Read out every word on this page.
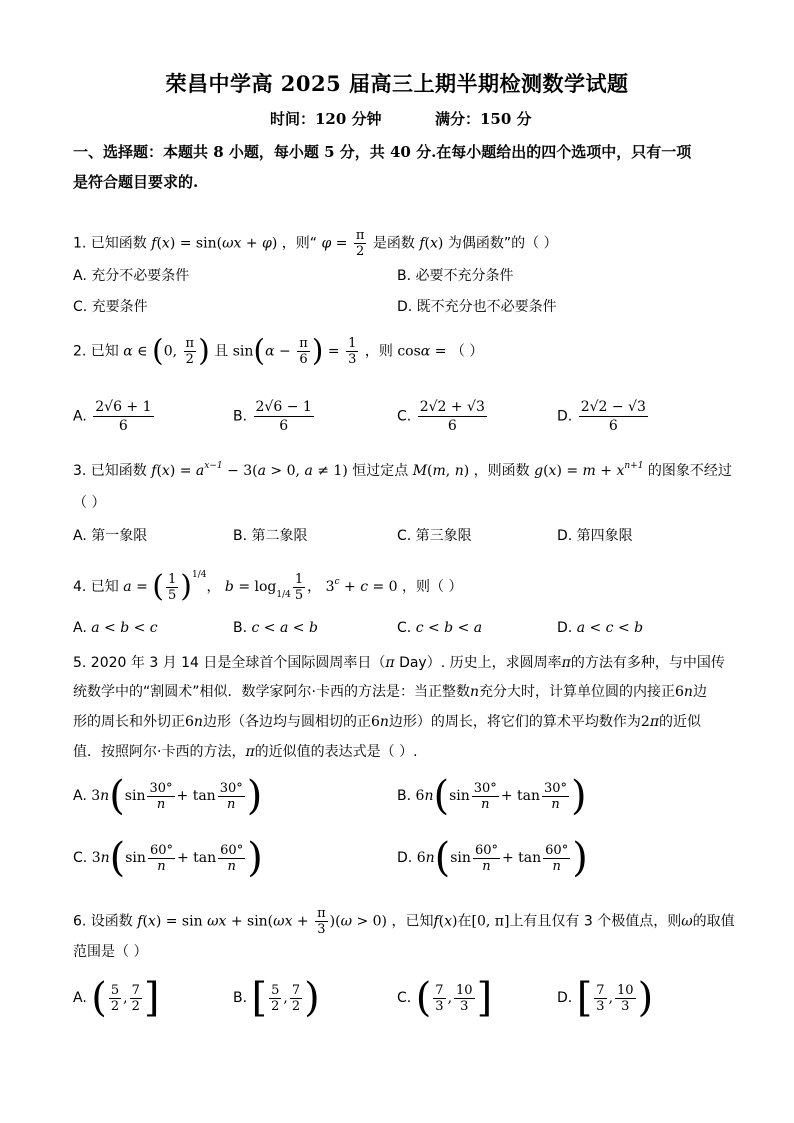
荣昌中学高 2025 届高三上期半期检测数学试题
时间：120 分钟	满分：150 分
一、选择题：本题共 8 小题，每小题 5 分，共 40 分.在每小题给出的四个选项中，只有一项
是符合题目要求的.
1. 已知函数 f(x) = sin(ωx + φ) ，则“ $\varphi = \frac{\pi}{2}$ 是函数 f(x) 为偶函数”的（ ）
A. 充分不必要条件	B. 必要不充分条件
C. 充要条件	D. 既不充分也不必要条件
2. 已知 α ∈ (0, $\frac{\pi}{2}$ ) 且 $\sin(\alpha - \frac{\pi}{6}$ ) = $\frac{1}{3}$ ，则 cosα = （ ）
A. $\frac{2√6 + 1}{6}$	B. $\frac{2√6 - 1}{6}$	C. $\frac{2√2 + √3}{6}$	D. $\frac{2√2 - √3}{6}$
3. 已知函数 $f(x) = a^{x-1} - 3(a > 0$, a ≠ 1) 恒过定点 M(m, n) ，则函数 $g(x) = m + x^{n+1}$ 的图象不经过
（ ）
A. 第一象限	B. 第二象限	C. 第三象限	D. 第四象限
4. 已知 a = ( $\frac{1}{5} )^{1/4}$， $b = \log_{1/4} \frac{1}{5}$ ， $3^c + c = 0$ ，则（ ）
A. a < b < c	B. c < a < b	C. c < b < a	D. a < c < b
5. 2020 年 3 月 14 日是全球首个国际圆周率日（π Day）. 历史上，求圆周率π的方法有多种，与中国传
统数学中的“割圆术”相似．数学家阿尔·卡西的方法是：当正整数n充分大时，计算单位圆的内接正6n边
形的周长和外切正6n边形（各边均与圆相切的正6n边形）的周长，将它们的算术平均数作为2π的近似
值．按照阿尔·卡西的方法，π的近似值的表达式是（ ）.
A. $3n(\sin \frac{30^\circ}{n} + \tan \frac{30^\circ}{n}$ )	B. $6n(\sin \frac{30^\circ}{n} + \tan \frac{30^\circ}{n}$ )
C. $3n(\sin \frac{60^\circ}{n} + \tan \frac{60^\circ}{n}$ )	D. $6n(\sin \frac{60^\circ}{n} + \tan \frac{60^\circ}{n}$ )
6. 设函数 $f(x) = \sin \omega x + \sin(\omega x + \frac{\pi}{3} )(\omega > 0)$ ，已知f(x)在[0, π]上有且仅有 3 个极值点，则ω的取值
范围是（ ）
A. ( $\frac{5}{2}$ , $\frac{7}{2}$ ]	B. [ $\frac{5}{2}$ , $\frac{7}{2}$ )	C. ( $\frac{7}{3}$ , $\frac{10}{3}$ ]	D. [ $\frac{7}{3}$ , $\frac{10}{3}$ )
